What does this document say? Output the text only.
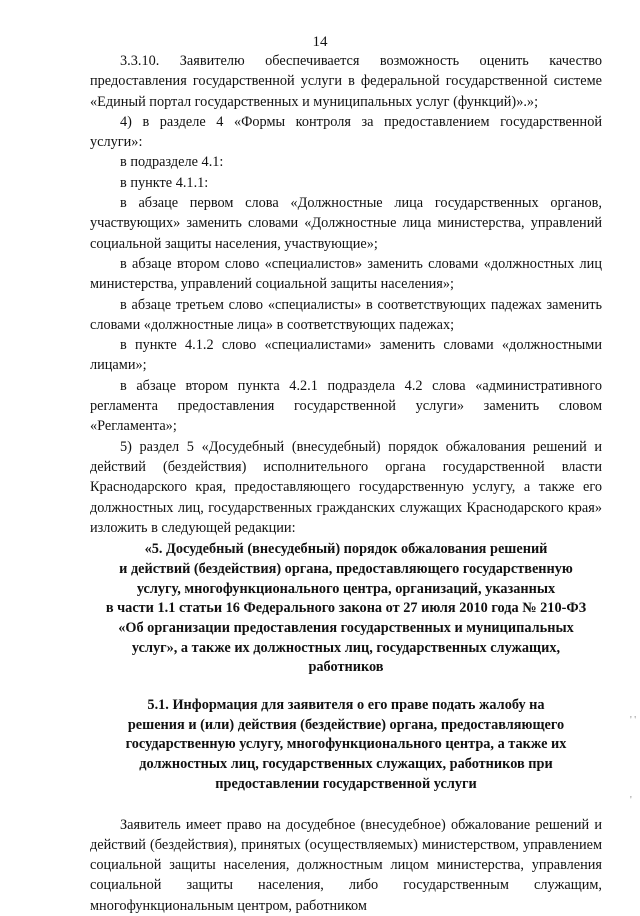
14

3.3.10. Заявителю обеспечивается возможность оценить качество предоставления государственной услуги в федеральной государственной системе «Единый портал государственных и муниципальных услуг (функций)».»;

4) в разделе 4 «Формы контроля за предоставлением государственной услуги»:

в подразделе 4.1:

в пункте 4.1.1:

в абзаце первом слова «Должностные лица государственных органов, участвующих» заменить словами «Должностные лица министерства, управлений социальной защиты населения, участвующие»;

в абзаце втором слово «специалистов» заменить словами «должностных лиц министерства, управлений социальной защиты населения»;

в абзаце третьем слово «специалисты» в соответствующих падежах заменить словами «должностные лица» в соответствующих падежах;

в пункте 4.1.2 слово «специалистами» заменить словами «должностными лицами»;

в абзаце втором пункта 4.2.1 подраздела 4.2 слова «административного регламента предоставления государственной услуги» заменить словом «Регламента»;

5) раздел 5 «Досудебный (внесудебный) порядок обжалования решений и действий (бездействия) исполнительного органа государственной власти Краснодарского края, предоставляющего государственную услугу, а также его должностных лиц, государственных гражданских служащих Краснодарского края» изложить в следующей редакции:

«5. Досудебный (внесудебный) порядок обжалования решений
и действий (бездействия) органа, предоставляющего государственную
услугу, многофункционального центра, организаций, указанных
в части 1.1 статьи 16 Федерального закона от 27 июля 2010 года № 210-ФЗ
«Об организации предоставления государственных и муниципальных
услуг», а также их должностных лиц, государственных служащих,
работников
5.1. Информация для заявителя о его праве подать жалобу на
решения и (или) действия (бездействие) органа, предоставляющего
государственную услугу, многофункционального центра, а также их
должностных лиц, государственных служащих, работников при
предоставлении государственной услуги

Заявитель имеет право на досудебное (внесудебное) обжалование решений и действий (бездействия), принятых (осуществляемых) министерством, управлением социальной защиты населения, должностным лицом министерства, управления социальной защиты населения, либо государственным служащим, многофункциональным центром, работником

' '
'
